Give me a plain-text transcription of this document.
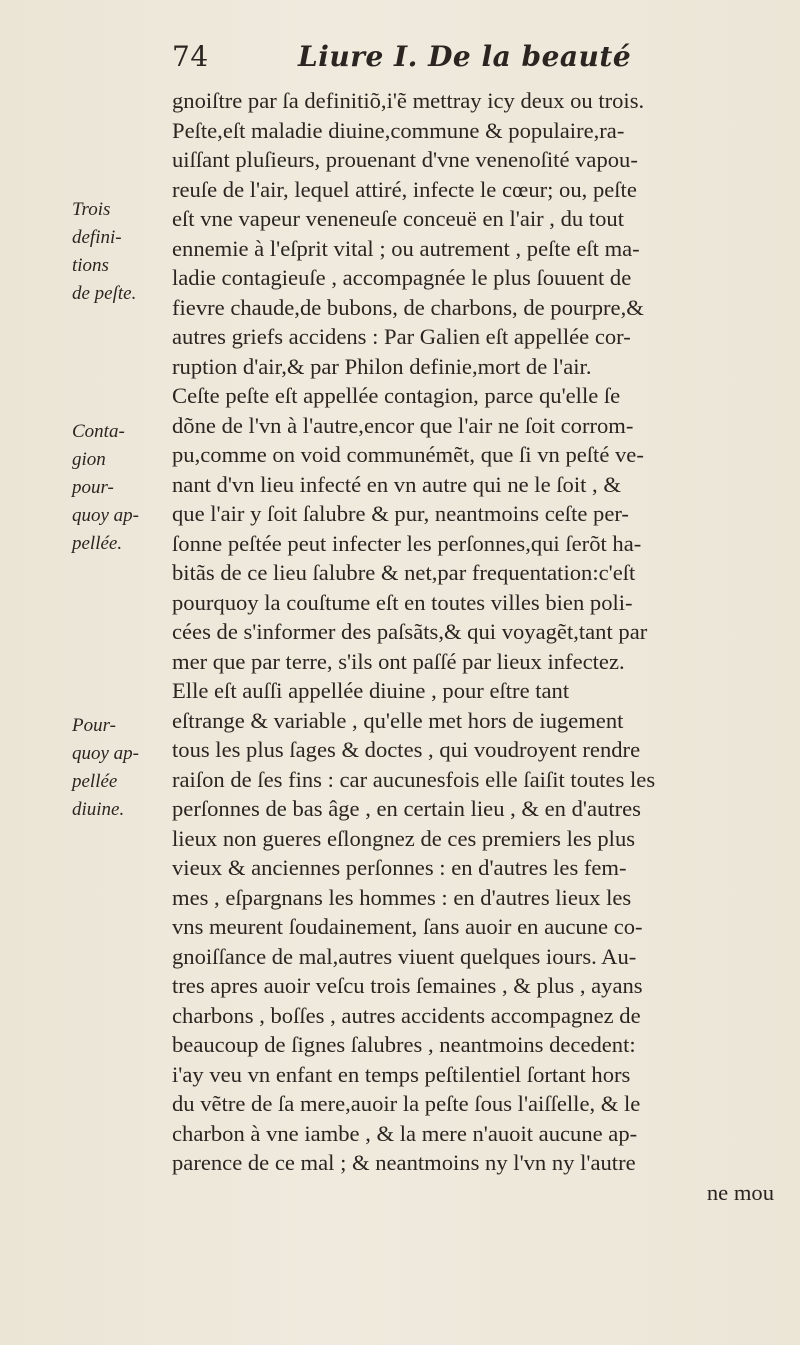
74	Liure I. De la beauté
Trois
defini-
tions
de peſte.
Conta-
gion
pour-
quoy ap-
pellée.
Pour-
quoy ap-
pellée
diuine.
gnoiſtre par ſa definitiõ,i'ẽ mettray icy deux ou trois.
Peſte,eſt maladie diuine,commune & populaire,ra-
uiſſant pluſieurs, prouenant d'vne venenoſité vapou-
reuſe de l'air, lequel attiré, infecte le cœur; ou, peſte
eſt vne vapeur veneneuſe conceuë en l'air , du tout
ennemie à l'eſprit vital ; ou autrement , peſte eſt ma-
ladie contagieuſe , accompagnée le plus ſouuent de
fievre chaude,de bubons, de charbons, de pourpre,&
autres griefs accidens : Par Galien eſt appellée cor-
ruption d'air,& par Philon definie,mort de l'air.
Ceſte peſte eſt appellée contagion, parce qu'elle ſe
dõne de l'vn à l'autre,encor que l'air ne ſoit corrom-
pu,comme on void communémẽt, que ſi vn peſté ve-
nant d'vn lieu infecté en vn autre qui ne le ſoit , &
que l'air y ſoit ſalubre & pur, neantmoins ceſte per-
ſonne peſtée peut infecter les perſonnes,qui ſerõt ha-
bitãs de ce lieu ſalubre & net,par frequentation:c'eſt
pourquoy la couſtume eſt en toutes villes bien poli-
cées de s'informer des paſsãts,& qui voyagẽt,tant par
mer que par terre, s'ils ont paſſé par lieux infectez.
Elle eſt auſſi appellée diuine , pour eſtre tant
eſtrange & variable , qu'elle met hors de iugement
tous les plus ſages & doctes , qui voudroyent rendre
raiſon de ſes fins : car aucunesfois elle ſaiſit toutes les
perſonnes de bas âge , en certain lieu , & en d'autres
lieux non gueres eſlongnez de ces premiers les plus
vieux & anciennes perſonnes : en d'autres les fem-
mes , eſpargnans les hommes : en d'autres lieux les
vns meurent ſoudainement, ſans auoir en aucune co-
gnoiſſance de mal,autres viuent quelques iours. Au-
tres apres auoir veſcu trois ſemaines , & plus , ayans
charbons , boſſes , autres accidents accompagnez de
beaucoup de ſignes ſalubres , neantmoins decedent:
i'ay veu vn enfant en temps peſtilentiel ſortant hors
du vẽtre de ſa mere,auoir la peſte ſous l'aiſſelle, & le
charbon à vne iambe , & la mere n'auoit aucune ap-
parence de ce mal ; & neantmoins ny l'vn ny l'autre
ne mou
